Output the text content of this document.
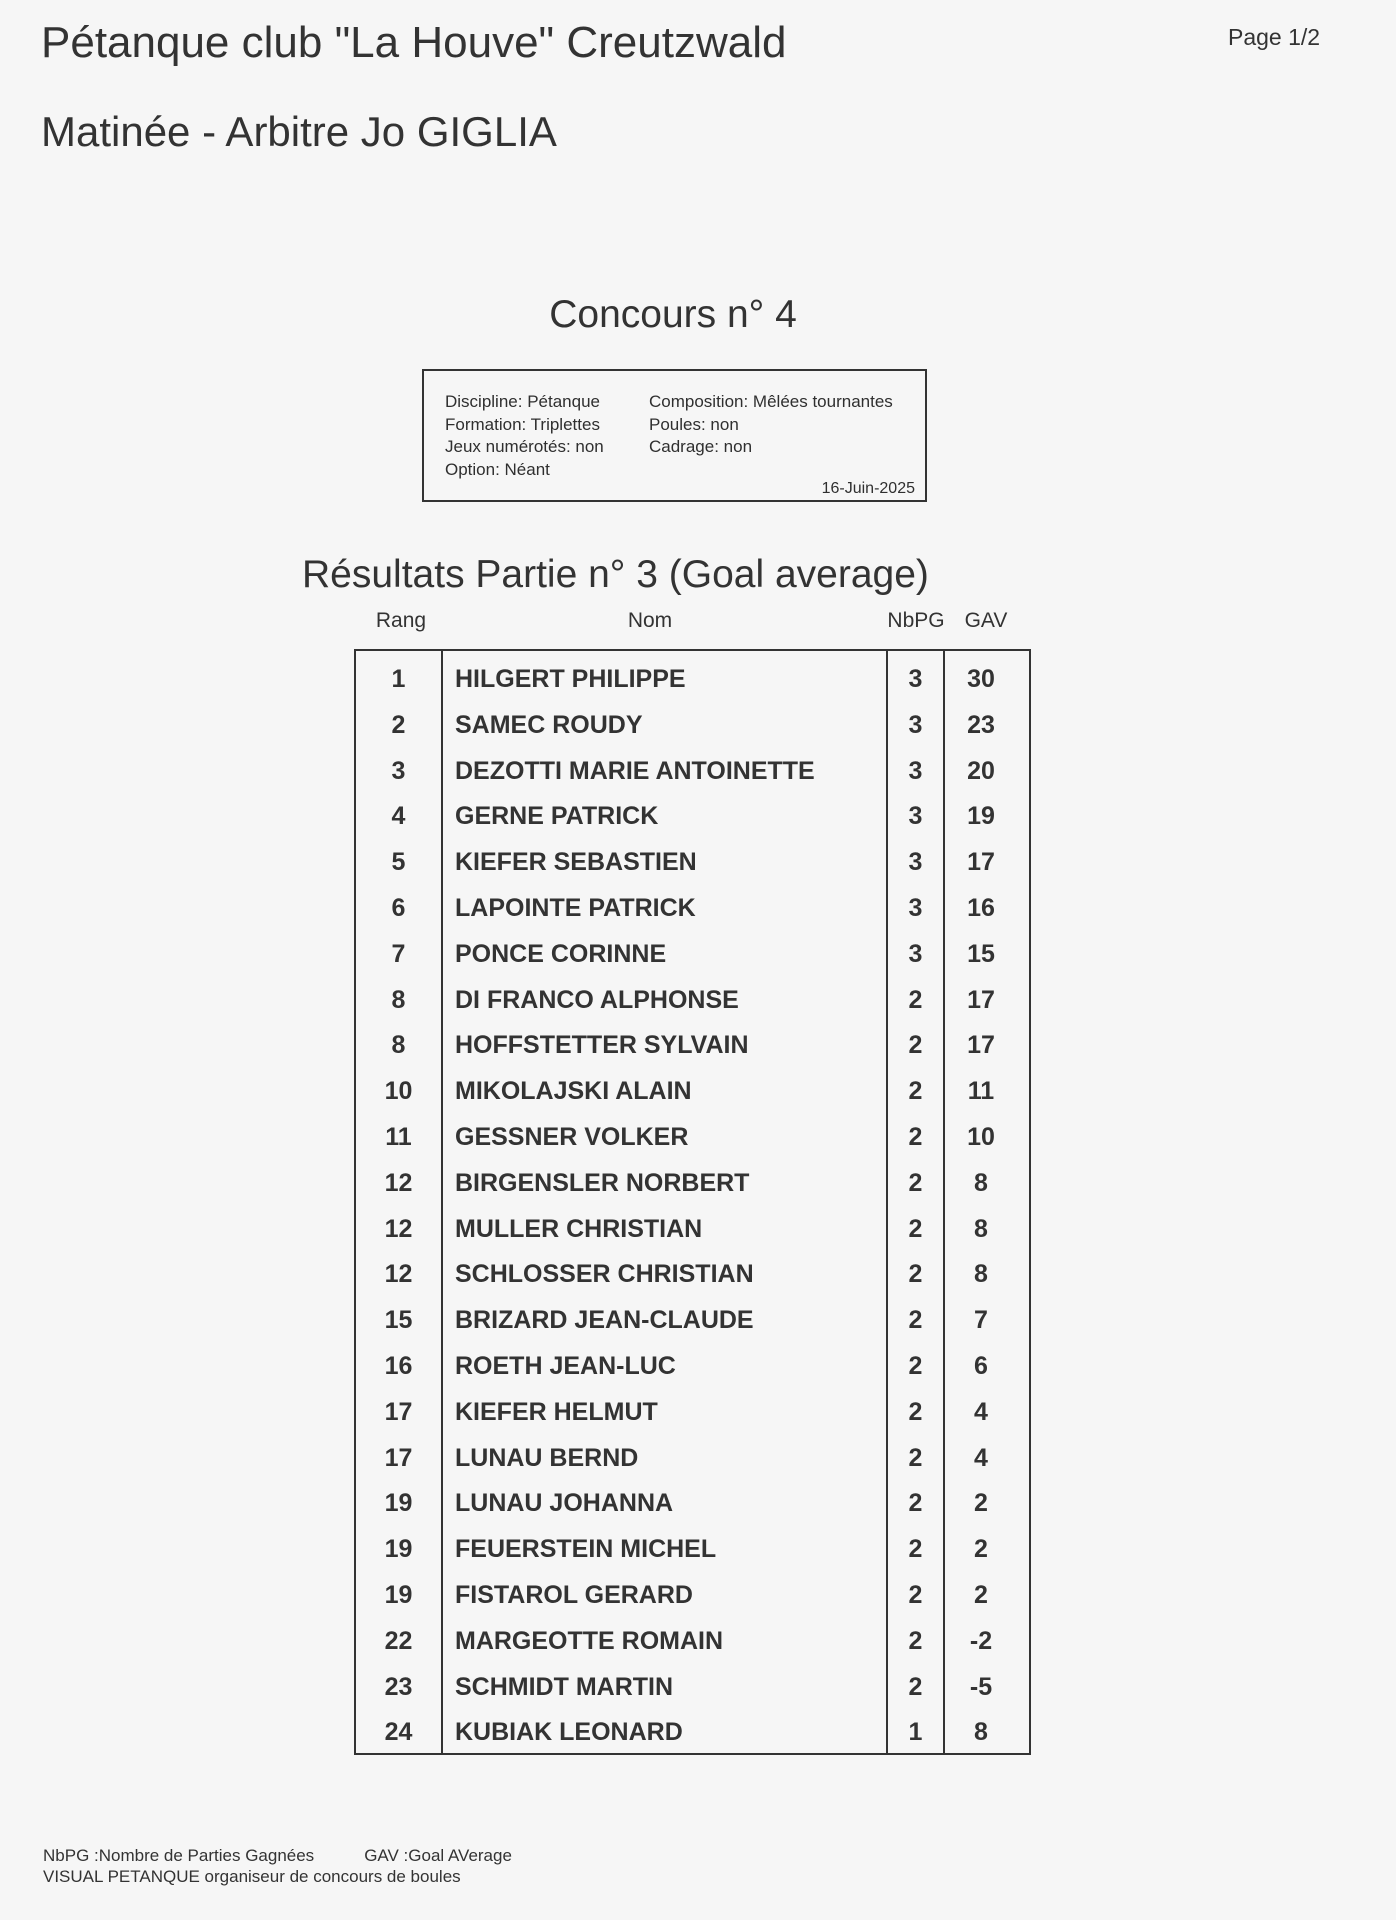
Pétanque club "La Houve" Creutzwald	Page 1/2
Matinée - Arbitre Jo GIGLIA
Concours n° 4
Discipline: Pétanque
Formation: Triplettes
Jeux numérotés: non
Option: Néant
Composition: Mêlées tournantes
Poules: non
Cadrage: non
16-Juin-2025
Résultats Partie n° 3 (Goal average)
Rang	Nom	NbPG GAV
1	HILGERT PHILIPPE	3	30
2	SAMEC ROUDY	3	23
3	DEZOTTI MARIE ANTOINETTE	3	20
4	GERNE PATRICK	3	19
5	KIEFER SEBASTIEN	3	17
6	LAPOINTE PATRICK	3	16
7	PONCE CORINNE	3	15
8	DI FRANCO ALPHONSE	2	17
8	HOFFSTETTER SYLVAIN	2	17
10	MIKOLAJSKI ALAIN	2	11
11	GESSNER VOLKER	2	10
12	BIRGENSLER NORBERT	2	8
12	MULLER CHRISTIAN	2	8
12	SCHLOSSER CHRISTIAN	2	8
15	BRIZARD JEAN-CLAUDE	2	7
16	ROETH JEAN-LUC	2	6
17	KIEFER HELMUT	2	4
17	LUNAU BERND	2	4
19	LUNAU JOHANNA	2	2
19	FEUERSTEIN MICHEL	2	2
19	FISTAROL GERARD	2	2
22	MARGEOTTE ROMAIN	2	-2
23	SCHMIDT MARTIN	2	-5
24	KUBIAK LEONARD	1	8
NbPG :Nombre de Parties Gagnées	GAV :Goal AVerage
VISUAL PETANQUE organiseur de concours de boules
